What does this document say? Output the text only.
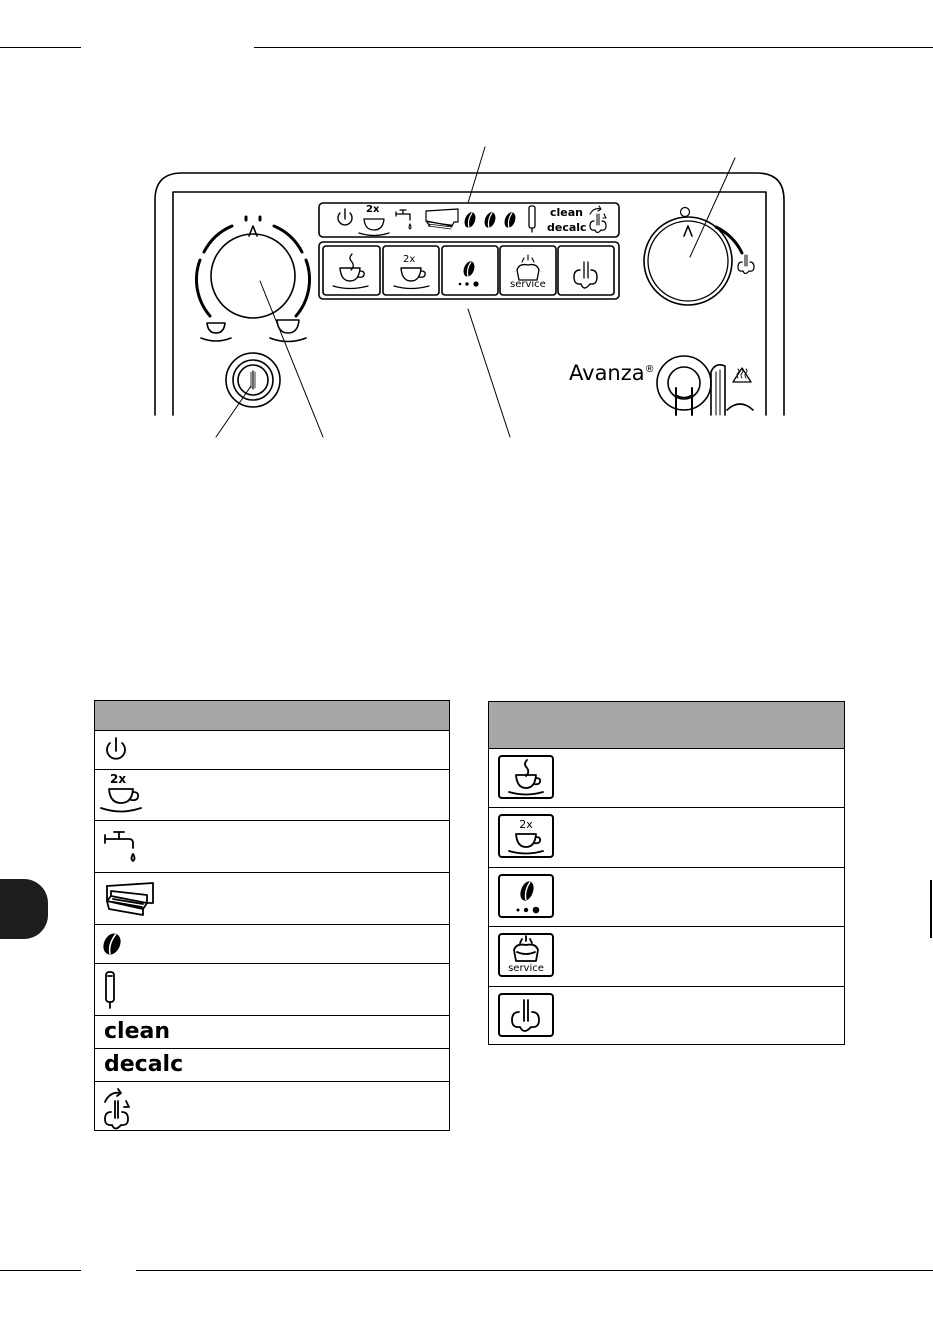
2x	clean
decalc
2x
service
Avanza®
2x
clean
decalc
2x
service
